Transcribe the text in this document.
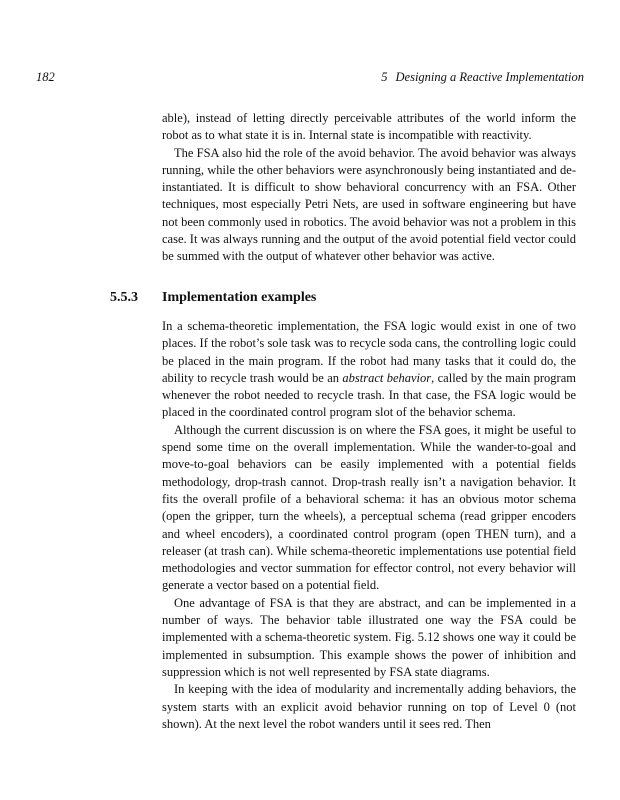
182	5 Designing a Reactive Implementation

able), instead of letting directly perceivable attributes of the world inform the robot as to what state it is in. Internal state is incompatible with reactivity.

The FSA also hid the role of the avoid behavior. The avoid behavior was always running, while the other behaviors were asynchronously being instantiated and de-instantiated. It is difficult to show behavioral concurrency with an FSA. Other techniques, most especially Petri Nets, are used in software engineering but have not been commonly used in robotics. The avoid behavior was not a problem in this case. It was always running and the output of the avoid potential field vector could be summed with the output of whatever other behavior was active.

5.5.3 Implementation examples

In a schema-theoretic implementation, the FSA logic would exist in one of two places. If the robot’s sole task was to recycle soda cans, the controlling logic could be placed in the main program. If the robot had many tasks that it could do, the ability to recycle trash would be an abstract behavior, called by the main program whenever the robot needed to recycle trash. In that case, the FSA logic would be placed in the coordinated control program slot of the behavior schema.

Although the current discussion is on where the FSA goes, it might be useful to spend some time on the overall implementation. While the wander-to-goal and move-to-goal behaviors can be easily implemented with a potential fields methodology, drop-trash cannot. Drop-trash really isn’t a navigation behavior. It fits the overall profile of a behavioral schema: it has an obvious motor schema (open the gripper, turn the wheels), a perceptual schema (read gripper encoders and wheel encoders), a coordinated control program (open THEN turn), and a releaser (at trash can). While schema-theoretic implementations use potential field methodologies and vector summation for effector control, not every behavior will generate a vector based on a potential field.

One advantage of FSA is that they are abstract, and can be implemented in a number of ways. The behavior table illustrated one way the FSA could be implemented with a schema-theoretic system. Fig. 5.12 shows one way it could be implemented in subsumption. This example shows the power of inhibition and suppression which is not well represented by FSA state diagrams.

In keeping with the idea of modularity and incrementally adding behaviors, the system starts with an explicit avoid behavior running on top of Level 0 (not shown). At the next level the robot wanders until it sees red. Then
